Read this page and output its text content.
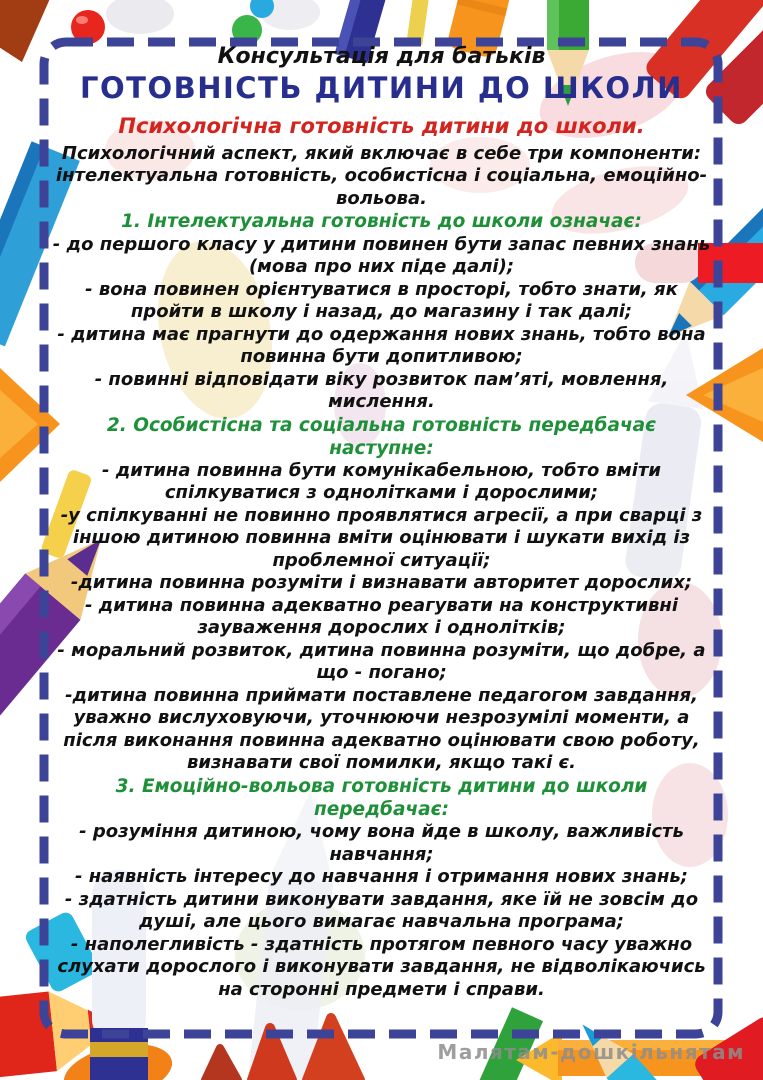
Консультація для батьків

ГОТОВНІСТЬ ДИТИНИ ДО ШКОЛИ

Психологічна готовність дитини до школи.

Психологічний аспект, який включає в себе три компоненти: інтелектуальна готовність, особистісна і соціальна, емоційно-вольова.

1. Інтелектуальна готовність до школи означає:

- до першого класу у дитини повинен бути запас певних знань (мова про них піде далі);

- вона повинен орієнтуватися в просторі, тобто знати, як пройти в школу і назад, до магазину і так далі;

- дитина має прагнути до одержання нових знань, тобто вона повинна бути допитливою;

- повинні відповідати віку розвиток пам’яті, мовлення, мислення.

2. Особистісна та соціальна готовність передбачає наступне:

- дитина повинна бути комунікабельною, тобто вміти спілкуватися з однолітками і дорослими;

-у спілкуванні не повинно проявлятися агресії, а при сварці з іншою дитиною повинна вміти оцінювати і шукати вихід із проблемної ситуації;

-дитина повинна розуміти і визнавати авторитет дорослих;

- дитина повинна адекватно реагувати на конструктивні зауваження дорослих і однолітків;

- моральний розвиток, дитина повинна розуміти, що добре, а що - погано;

-дитина повинна приймати поставлене педагогом завдання, уважно вислуховуючи, уточнюючи незрозумілі моменти, а після виконання повинна адекватно оцінювати свою роботу, визнавати свої помилки, якщо такі є.

3. Емоційно-вольова готовність дитини до школи передбачає:

- розуміння дитиною, чому вона йде в школу, важливість навчання;

- наявність інтересу до навчання і отримання нових знань;

- здатність дитини виконувати завдання, яке їй не зовсім до душі, але цього вимагає навчальна програма;

- наполегливість - здатність протягом певного часу уважно слухати дорослого і виконувати завдання, не відволікаючись на сторонні предмети і справи.

Малятам-дошкільнятам
